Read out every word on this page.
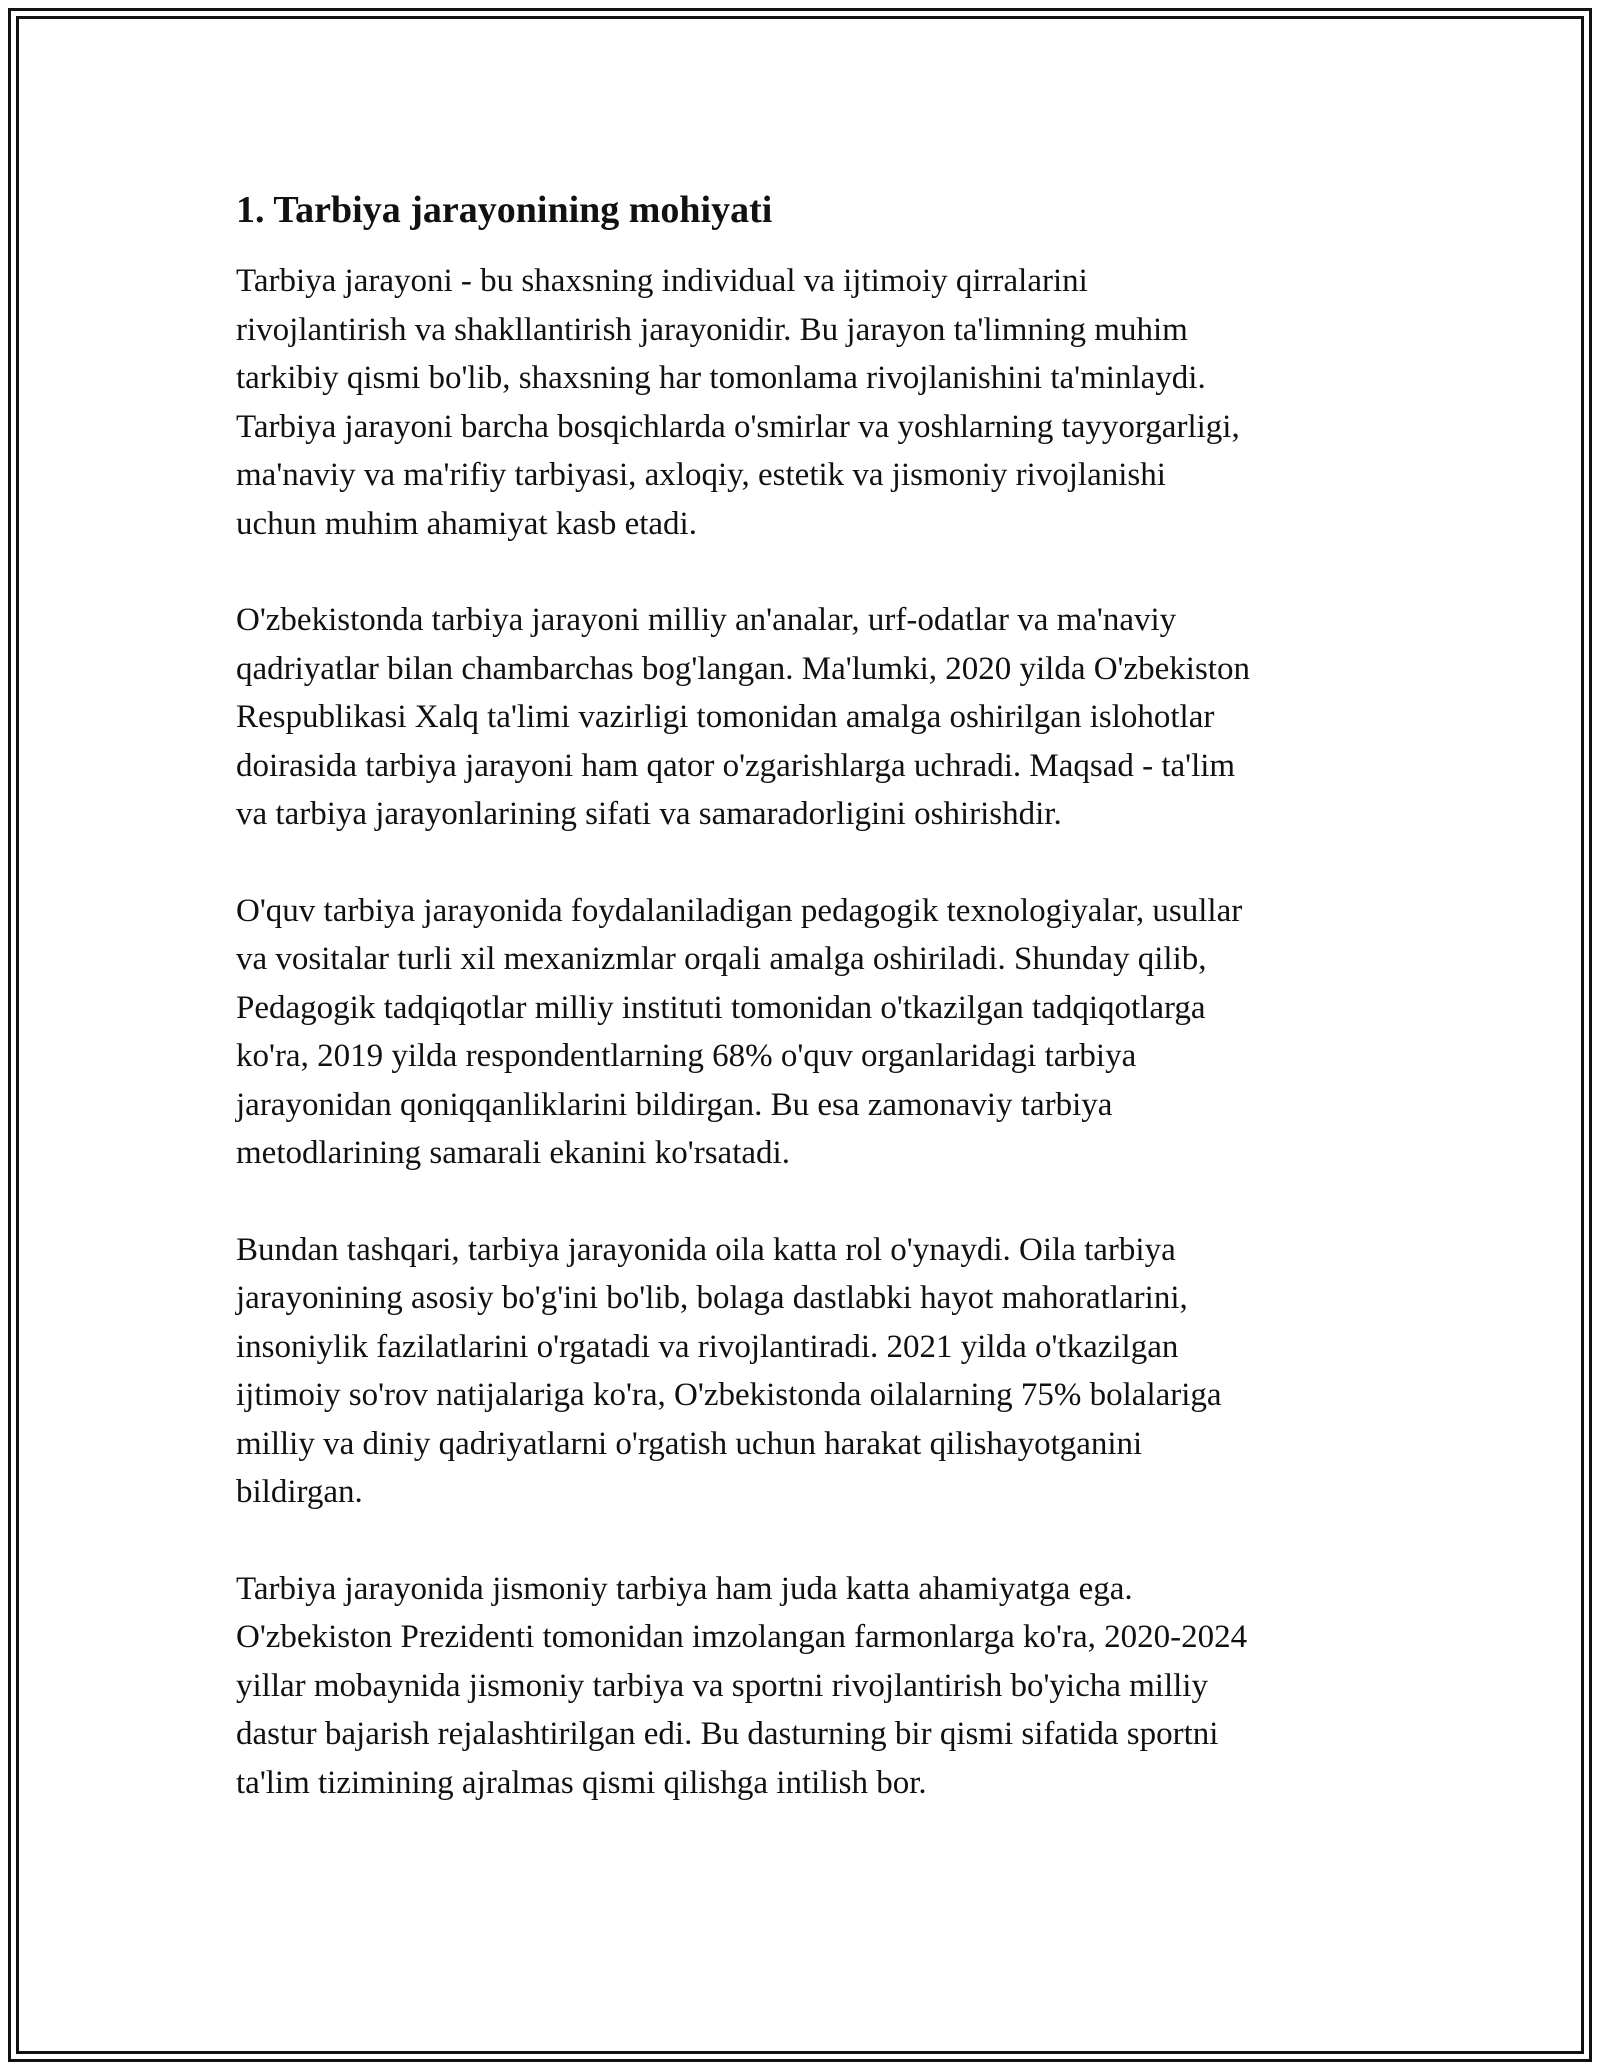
1. Tarbiya jarayonining mohiyati

Tarbiya jarayoni - bu shaxsning individual va ijtimoiy qirralarini
rivojlantirish va shakllantirish jarayonidir. Bu jarayon ta'limning muhim
tarkibiy qismi bo'lib, shaxsning har tomonlama rivojlanishini ta'minlaydi.
Tarbiya jarayoni barcha bosqichlarda o'smirlar va yoshlarning tayyorgarligi,
ma'naviy va ma'rifiy tarbiyasi, axloqiy, estetik va jismoniy rivojlanishi
uchun muhim ahamiyat kasb etadi.

O'zbekistonda tarbiya jarayoni milliy an'analar, urf-odatlar va ma'naviy
qadriyatlar bilan chambarchas bog'langan. Ma'lumki, 2020 yilda O'zbekiston
Respublikasi Xalq ta'limi vazirligi tomonidan amalga oshirilgan islohotlar
doirasida tarbiya jarayoni ham qator o'zgarishlarga uchradi. Maqsad - ta'lim
va tarbiya jarayonlarining sifati va samaradorligini oshirishdir.

O'quv tarbiya jarayonida foydalaniladigan pedagogik texnologiyalar, usullar
va vositalar turli xil mexanizmlar orqali amalga oshiriladi. Shunday qilib,
Pedagogik tadqiqotlar milliy instituti tomonidan o'tkazilgan tadqiqotlarga
ko'ra, 2019 yilda respondentlarning 68% o'quv organlaridagi tarbiya
jarayonidan qoniqqanliklarini bildirgan. Bu esa zamonaviy tarbiya
metodlarining samarali ekanini ko'rsatadi.

Bundan tashqari, tarbiya jarayonida oila katta rol o'ynaydi. Oila tarbiya
jarayonining asosiy bo'g'ini bo'lib, bolaga dastlabki hayot mahoratlarini,
insoniylik fazilatlarini o'rgatadi va rivojlantiradi. 2021 yilda o'tkazilgan
ijtimoiy so'rov natijalariga ko'ra, O'zbekistonda oilalarning 75% bolalariga
milliy va diniy qadriyatlarni o'rgatish uchun harakat qilishayotganini
bildirgan.

Tarbiya jarayonida jismoniy tarbiya ham juda katta ahamiyatga ega.
O'zbekiston Prezidenti tomonidan imzolangan farmonlarga ko'ra, 2020-2024
yillar mobaynida jismoniy tarbiya va sportni rivojlantirish bo'yicha milliy
dastur bajarish rejalashtirilgan edi. Bu dasturning bir qismi sifatida sportni
ta'lim tizimining ajralmas qismi qilishga intilish bor.
